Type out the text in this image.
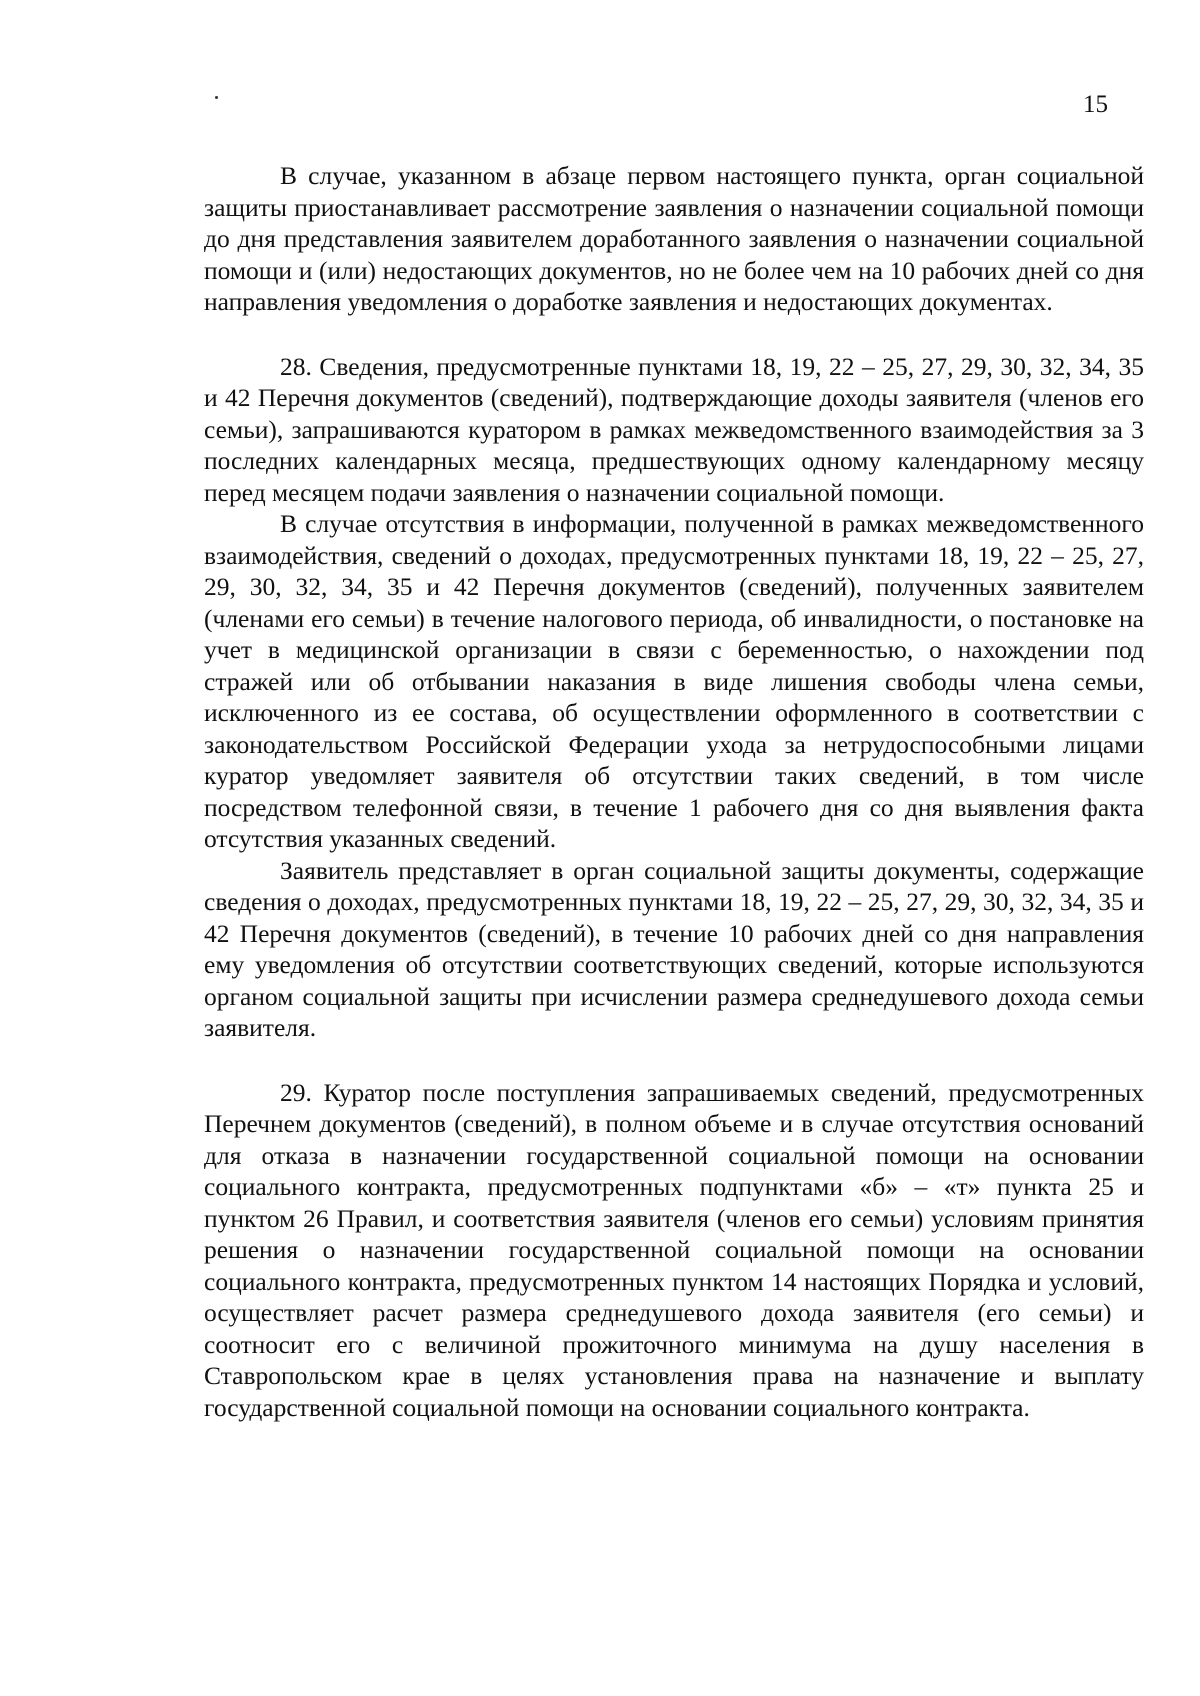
15

В случае, указанном в абзаце первом настоящего пункта, орган социальной защиты приостанавливает рассмотрение заявления о назначении социальной помощи до дня представления заявителем доработанного заявления о назначении социальной помощи и (или) недостающих документов, но не более чем на 10 рабочих дней со дня направления уведомления о доработке заявления и недостающих документах.

28. Сведения, предусмотренные пунктами 18, 19, 22 – 25, 27, 29, 30, 32, 34, 35 и 42 Перечня документов (сведений), подтверждающие доходы заявителя (членов его семьи), запрашиваются куратором в рамках межведомственного взаимодействия за 3 последних календарных месяца, предшествующих одному календарному месяцу перед месяцем подачи заявления о назначении социальной помощи.

В случае отсутствия в информации, полученной в рамках межведомственного взаимодействия, сведений о доходах, предусмотренных пунктами 18, 19, 22 – 25, 27, 29, 30, 32, 34, 35 и 42 Перечня документов (сведений), полученных заявителем (членами его семьи) в течение налогового периода, об инвалидности, о постановке на учет в медицинской организации в связи с беременностью, о нахождении под стражей или об отбывании наказания в виде лишения свободы члена семьи, исключенного из ее состава, об осуществлении оформленного в соответствии с законодательством Российской Федерации ухода за нетрудоспособными лицами куратор уведомляет заявителя об отсутствии таких сведений, в том числе посредством телефонной связи, в течение 1 рабочего дня со дня выявления факта отсутствия указанных сведений.

Заявитель представляет в орган социальной защиты документы, содержащие сведения о доходах, предусмотренных пунктами 18, 19, 22 – 25, 27, 29, 30, 32, 34, 35 и 42 Перечня документов (сведений), в течение 10 рабочих дней со дня направления ему уведомления об отсутствии соответствующих сведений, которые используются органом социальной защиты при исчислении размера среднедушевого дохода семьи заявителя.

29. Куратор после поступления запрашиваемых сведений, предусмотренных Перечнем документов (сведений), в полном объеме и в случае отсутствия оснований для отказа в назначении государственной социальной помощи на основании социального контракта, предусмотренных подпунктами «б» – «т» пункта 25 и пунктом 26 Правил, и соответствия заявителя (членов его семьи) условиям принятия решения о назначении государственной социальной помощи на основании социального контракта, предусмотренных пунктом 14 настоящих Порядка и условий, осуществляет расчет размера среднедушевого дохода заявителя (его семьи) и соотносит его с величиной прожиточного минимума на душу населения в Ставропольском крае в целях установления права на назначение и выплату государственной социальной помощи на основании социального контракта.
